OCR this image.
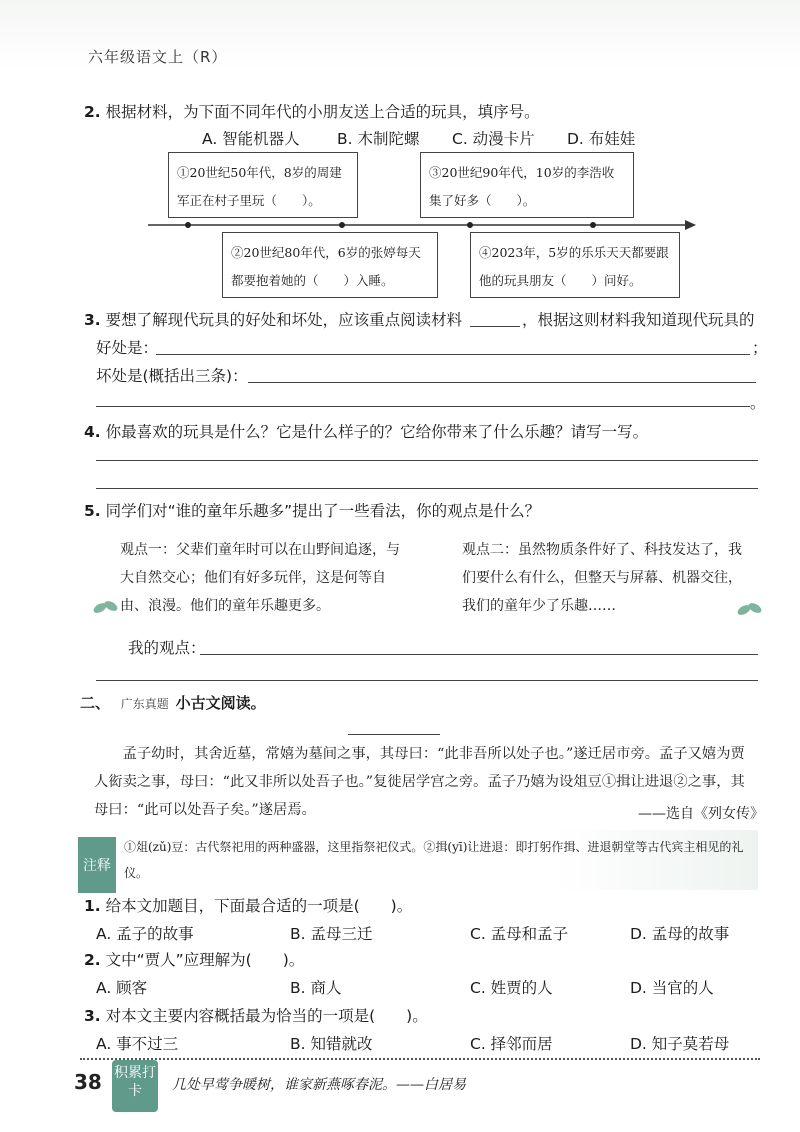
六年级语文上（R）
2. 根据材料，为下面不同年代的小朋友送上合适的玩具，填序号。
A. 智能机器人 B. 木制陀螺 C. 动漫卡片 D. 布娃娃
①20世纪50年代，8岁的周建军正在村子里玩（　　）。
③20世纪90年代，10岁的李浩收集了好多（　　）。
②20世纪80年代，6岁的张婷每天都要抱着她的（　　）入睡。
④2023年，5岁的乐乐天天都要跟他的玩具朋友（　　）问好。
3. 要想了解现代玩具的好处和坏处，应该重点阅读材料	，根据这则材料我知道现代玩具的
好处是：	；
坏处是(概括出三条)：
。
4. 你最喜欢的玩具是什么？它是什么样子的？它给你带来了什么乐趣？请写一写。
5. 同学们对“谁的童年乐趣多”提出了一些看法，你的观点是什么？
观点一：父辈们童年时可以在山野间追逐，与大自然交心；他们有好多玩伴，这是何等自由、浪漫。他们的童年乐趣更多。
观点二：虽然物质条件好了、科技发达了，我们要什么有什么，但整天与屏幕、机器交往，我们的童年少了乐趣……
我的观点：
二、 广东真题 小古文阅读。
孟子幼时，其舍近墓，常嬉为墓间之事，其母曰：“此非吾所以处子也。”遂迁居市旁。孟子又嬉为贾人衒卖之事，母曰：“此又非所以处吾子也。”复徙居学宫之旁。孟子乃嬉为设俎豆①揖让进退②之事，其母曰：“此可以处吾子矣。”遂居焉。	——选自《列女传》
注释
①俎(zǔ)豆：古代祭祀用的两种盛器，这里指祭祀仪式。②揖(yī)让进退：即打躬作揖、进退朝堂等古代宾主相见的礼仪。
1. 给本文加题目，下面最合适的一项是(　　)。
A. 孟子的故事	B. 孟母三迁	C. 孟母和孟子	D. 孟母的故事
2. 文中“贾人”应理解为(　　)。
A. 顾客	B. 商人	C. 姓贾的人	D. 当官的人
3. 对本文主要内容概括最为恰当的一项是(　　)。
A. 事不过三	B. 知错就改	C. 择邻而居	D. 知子莫若母
38 积累打卡	几处早莺争暖树，谁家新燕啄春泥。——白居易
